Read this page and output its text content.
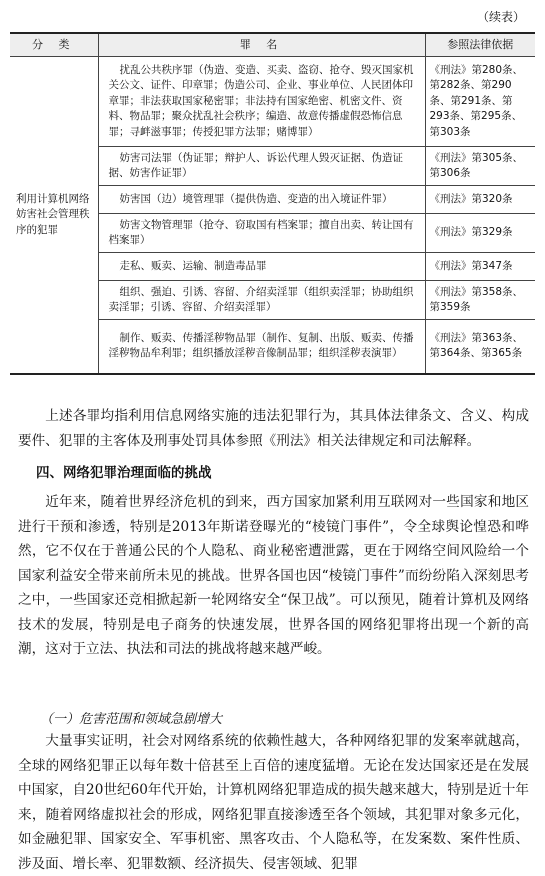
（续表）
分 类	罪 名	参照法律依据
利用计算机网络妨害社会管理秩序的犯罪	扰乱公共秩序罪（伪造、变造、买卖、盗窃、抢夺、毁灭国家机关公文、证件、印章罪；伪造公司、企业、事业单位、人民团体印章罪；非法获取国家秘密罪；非法持有国家绝密、机密文件、资料、物品罪；聚众扰乱社会秩序；编造、故意传播虚假恐怖信息罪；寻衅滋事罪；传授犯罪方法罪；赌博罪）	《刑法》第280条、第282条、第290条、第291条、第293条、第295条、第303条
	妨害司法罪（伪证罪；辩护人、诉讼代理人毁灭证据、伪造证据、妨害作证罪）	《刑法》第305条、第306条
	妨害国（边）境管理罪（提供伪造、变造的出入境证件罪）	《刑法》第320条
	妨害文物管理罪（抢夺、窃取国有档案罪；擅自出卖、转让国有档案罪）	《刑法》第329条
	走私、贩卖、运输、制造毒品罪	《刑法》第347条
	组织、强迫、引诱、容留、介绍卖淫罪（组织卖淫罪；协助组织卖淫罪；引诱、容留、介绍卖淫罪）	《刑法》第358条、第359条
	制作、贩卖、传播淫秽物品罪（制作、复制、出版、贩卖、传播淫秽物品牟利罪；组织播放淫秽音像制品罪；组织淫秽表演罪）	《刑法》第363条、第364条、第365条

上述各罪均指利用信息网络实施的违法犯罪行为，其具体法律条文、含义、构成要件、犯罪的主客体及刑事处罚具体参照《刑法》相关法律规定和司法解释。

四、网络犯罪治理面临的挑战

近年来，随着世界经济危机的到来，西方国家加紧利用互联网对一些国家和地区进行干预和渗透，特别是2013年斯诺登曝光的“棱镜门事件”，令全球舆论惶恐和哗然，它不仅在于普通公民的个人隐私、商业秘密遭泄露，更在于网络空间风险给一个国家利益安全带来前所未见的挑战。世界各国也因“棱镜门事件”而纷纷陷入深刻思考之中，一些国家还竞相掀起新一轮网络安全“保卫战”。可以预见，随着计算机及网络技术的发展，特别是电子商务的快速发展，世界各国的网络犯罪将出现一个新的高潮，这对于立法、执法和司法的挑战将越来越严峻。

（一）危害范围和领域急剧增大

大量事实证明，社会对网络系统的依赖性越大，各种网络犯罪的发案率就越高，全球的网络犯罪正以每年数十倍甚至上百倍的速度猛增。无论在发达国家还是在发展中国家，自20世纪60年代开始，计算机网络犯罪造成的损失越来越大，特别是近十年来，随着网络虚拟社会的形成，网络犯罪直接渗透至各个领域，其犯罪对象多元化，如金融犯罪、国家安全、军事机密、黑客攻击、个人隐私等，在发案数、案件性质、涉及面、增长率、犯罪数额、经济损失、侵害领域、犯罪
